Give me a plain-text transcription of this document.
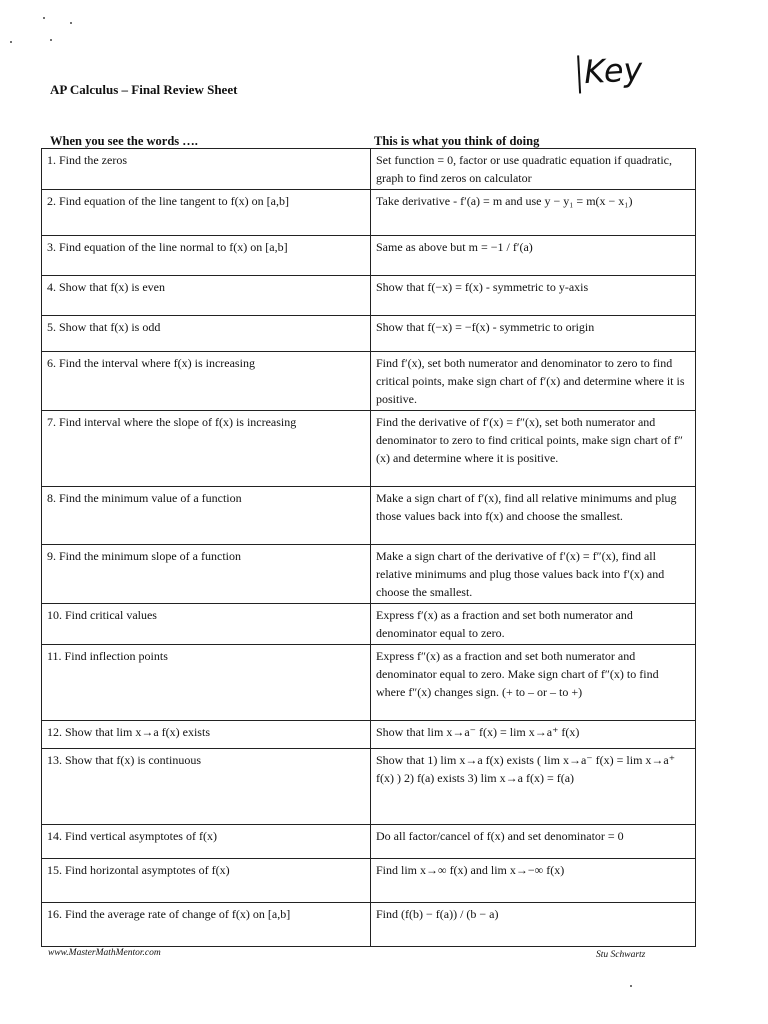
AP Calculus – Final Review Sheet	Key
When you see the words ….	This is what you think of doing
1. Find the zeros	Set function = 0, factor or use quadratic equation if quadratic, graph to find zeros on calculator
2. Find equation of the line tangent to f(x) on [a,b]	Take derivative - f′(a) = m and use y − y₁ = m(x − x₁)
3. Find equation of the line normal to f(x) on [a,b]	Same as above but m = −1 / f′(a)
4. Show that f(x) is even	Show that f(−x) = f(x) - symmetric to y-axis
5. Show that f(x) is odd	Show that f(−x) = −f(x) - symmetric to origin
6. Find the interval where f(x) is increasing	Find f′(x), set both numerator and denominator to zero to find critical points, make sign chart of f′(x) and determine where it is positive.
7. Find interval where the slope of f(x) is increasing	Find the derivative of f′(x) = f″(x), set both numerator and denominator to zero to find critical points, make sign chart of f″(x) and determine where it is positive.
8. Find the minimum value of a function	Make a sign chart of f′(x), find all relative minimums and plug those values back into f(x) and choose the smallest.
9. Find the minimum slope of a function	Make a sign chart of the derivative of f′(x) = f″(x), find all relative minimums and plug those values back into f′(x) and choose the smallest.
10. Find critical values	Express f′(x) as a fraction and set both numerator and denominator equal to zero.
11. Find inflection points	Express f″(x) as a fraction and set both numerator and denominator equal to zero. Make sign chart of f″(x) to find where f″(x) changes sign. (+ to – or – to +)
12. Show that lim x→a f(x) exists	Show that lim x→a⁻ f(x) = lim x→a⁺ f(x)
13. Show that f(x) is continuous	Show that 1) lim x→a f(x) exists ( lim x→a⁻ f(x) = lim x→a⁺ f(x) ) 2) f(a) exists 3) lim x→a f(x) = f(a)
14. Find vertical asymptotes of f(x)	Do all factor/cancel of f(x) and set denominator = 0
15. Find horizontal asymptotes of f(x)	Find lim x→∞ f(x) and lim x→−∞ f(x)
16. Find the average rate of change of f(x) on [a,b]	Find (f(b) − f(a)) / (b − a)
www.MasterMathMentor.com	Stu Schwartz
